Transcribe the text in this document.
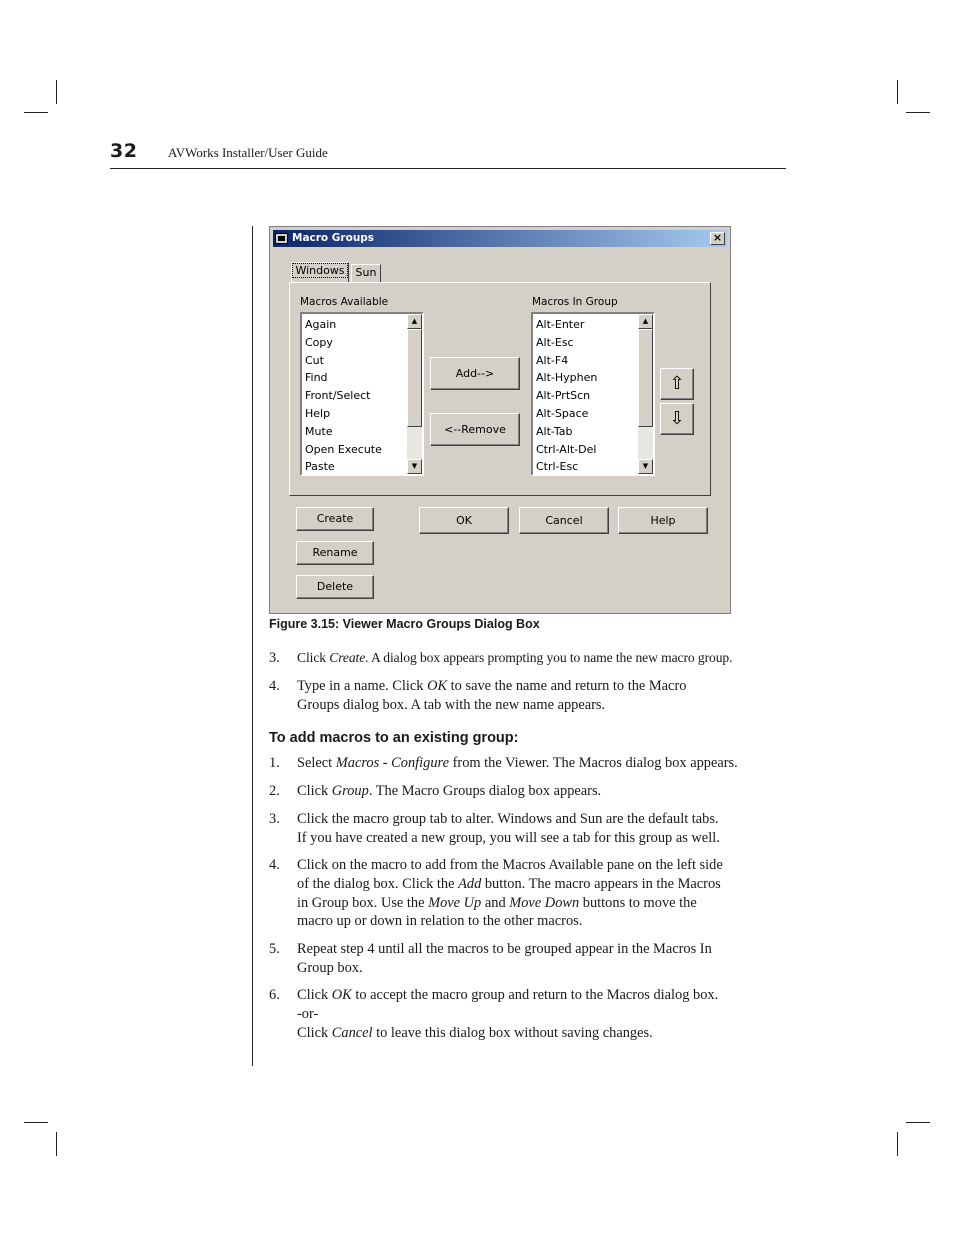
32 AVWorks Installer/User Guide
Macro Groups	×
Windows Sun
Macros Available	Macros In Group
Again
Copy
Cut
Find
Front/Select
Help
Mute
Open Execute
Paste
▲
▼
Alt-Enter
Alt-Esc
Alt-F4
Alt-Hyphen
Alt-PrtScn
Alt-Space
Alt-Tab
Ctrl-Alt-Del
Ctrl-Esc
▲
▼
Add-->
<--Remove
⇧
⇩
Create
Rename
Delete
OK	Cancel	Help
Figure 3.15: Viewer Macro Groups Dialog Box
3. Click Create. A dialog box appears prompting you to name the new macro group.
4. Type in a name. Click OK to save the name and return to the Macro
Groups dialog box. A tab with the new name appears.
To add macros to an existing group:
1. Select Macros - Configure from the Viewer. The Macros dialog box appears.
2. Click Group. The Macro Groups dialog box appears.
3. Click the macro group tab to alter. Windows and Sun are the default tabs.
If you have created a new group, you will see a tab for this group as well.
4. Click on the macro to add from the Macros Available pane on the left side
of the dialog box. Click the Add button. The macro appears in the Macros
in Group box. Use the Move Up and Move Down buttons to move the
macro up or down in relation to the other macros.
5. Repeat step 4 until all the macros to be grouped appear in the Macros In
Group box.
6. Click OK to accept the macro group and return to the Macros dialog box.
-or-
Click Cancel to leave this dialog box without saving changes.
